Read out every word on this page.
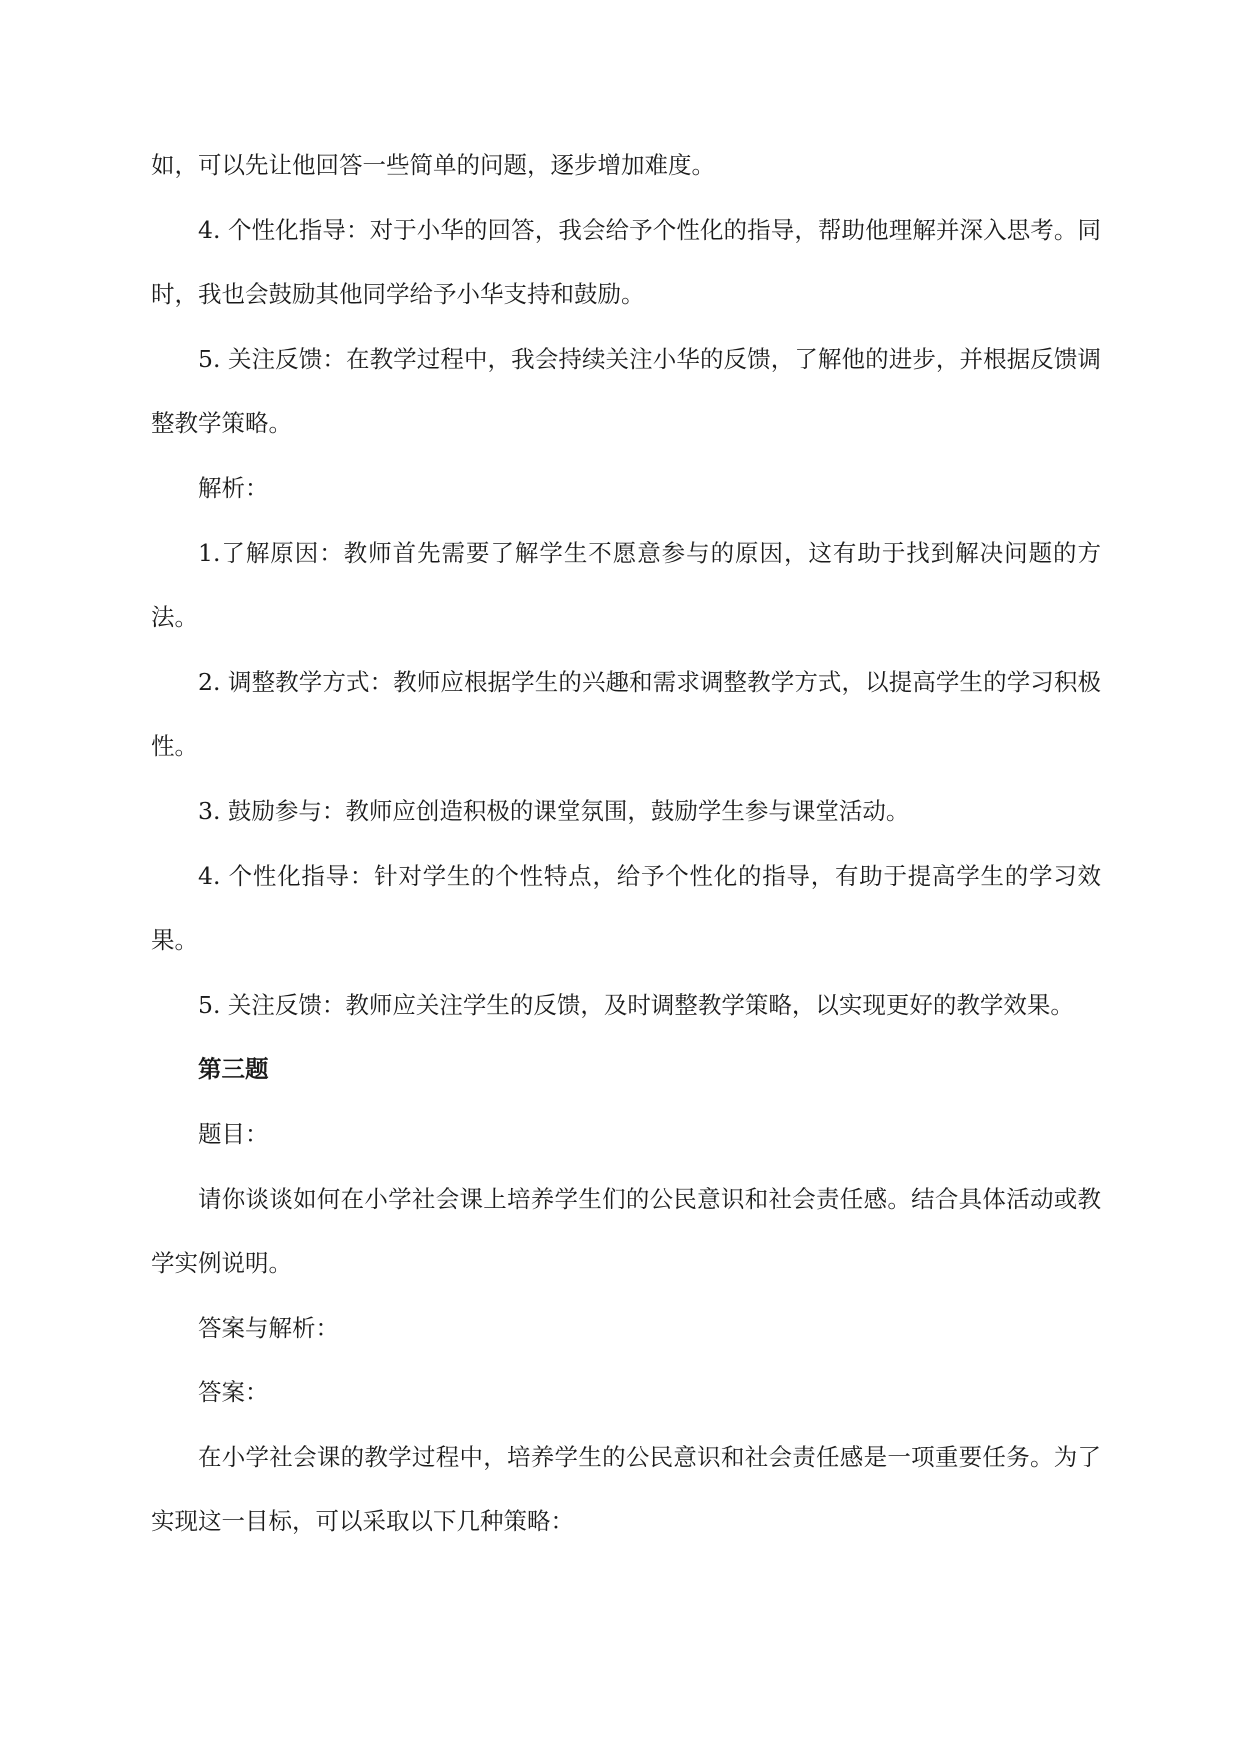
如，可以先让他回答一些简单的问题，逐步增加难度。

4. 个性化指导：对于小华的回答，我会给予个性化的指导，帮助他理解并深入思考。同时，我也会鼓励其他同学给予小华支持和鼓励。

5. 关注反馈：在教学过程中，我会持续关注小华的反馈，了解他的进步，并根据反馈调整教学策略。

解析：

1.了解原因：教师首先需要了解学生不愿意参与的原因，这有助于找到解决问题的方法。

2. 调整教学方式：教师应根据学生的兴趣和需求调整教学方式，以提高学生的学习积极性。

3. 鼓励参与：教师应创造积极的课堂氛围，鼓励学生参与课堂活动。

4. 个性化指导：针对学生的个性特点，给予个性化的指导，有助于提高学生的学习效果。

5. 关注反馈：教师应关注学生的反馈，及时调整教学策略，以实现更好的教学效果。

第三题

题目：

请你谈谈如何在小学社会课上培养学生们的公民意识和社会责任感。结合具体活动或教学实例说明。

答案与解析：

答案：

在小学社会课的教学过程中，培养学生的公民意识和社会责任感是一项重要任务。为了实现这一目标，可以采取以下几种策略：
